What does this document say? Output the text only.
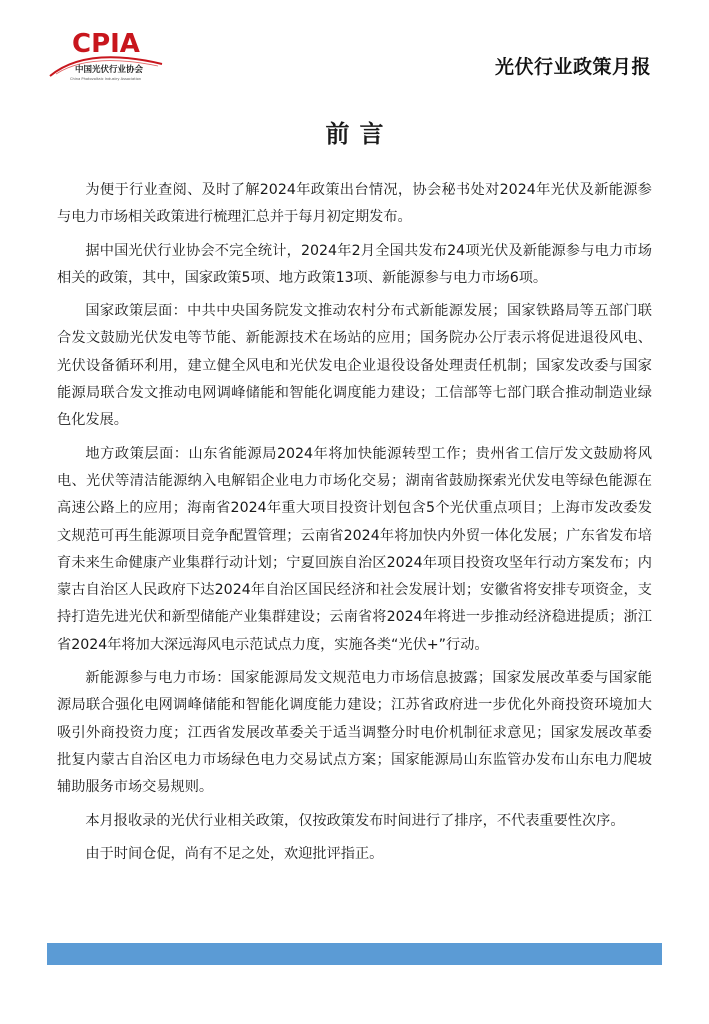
CPIA
中国光伏行业协会
China Photovoltaic Industry Association
光伏行业政策月报
前言

为便于行业查阅、及时了解2024年政策出台情况，协会秘书处对2024年光伏及新能源参与电力市场相关政策进行梳理汇总并于每月初定期发布。

据中国光伏行业协会不完全统计，2024年2月全国共发布24项光伏及新能源参与电力市场相关的政策，其中，国家政策5项、地方政策13项、新能源参与电力市场6项。

国家政策层面：中共中央国务院发文推动农村分布式新能源发展；国家铁路局等五部门联合发文鼓励光伏发电等节能、新能源技术在场站的应用；国务院办公厅表示将促进退役风电、光伏设备循环利用，建立健全风电和光伏发电企业退役设备处理责任机制；国家发改委与国家能源局联合发文推动电网调峰储能和智能化调度能力建设；工信部等七部门联合推动制造业绿色化发展。

地方政策层面：山东省能源局2024年将加快能源转型工作；贵州省工信厅发文鼓励将风电、光伏等清洁能源纳入电解铝企业电力市场化交易；湖南省鼓励探索光伏发电等绿色能源在高速公路上的应用；海南省2024年重大项目投资计划包含5个光伏重点项目；上海市发改委发文规范可再生能源项目竞争配置管理；云南省2024年将加快内外贸一体化发展；广东省发布培育未来生命健康产业集群行动计划；宁夏回族自治区2024年项目投资攻坚年行动方案发布；内蒙古自治区人民政府下达2024年自治区国民经济和社会发展计划；安徽省将安排专项资金，支持打造先进光伏和新型储能产业集群建设；云南省将2024年将进一步推动经济稳进提质；浙江省2024年将加大深远海风电示范试点力度，实施各类“光伏+”行动。

新能源参与电力市场：国家能源局发文规范电力市场信息披露；国家发展改革委与国家能源局联合强化电网调峰储能和智能化调度能力建设；江苏省政府进一步优化外商投资环境加大吸引外商投资力度；江西省发展改革委关于适当调整分时电价机制征求意见；国家发展改革委批复内蒙古自治区电力市场绿色电力交易试点方案；国家能源局山东监管办发布山东电力爬坡辅助服务市场交易规则。

本月报收录的光伏行业相关政策，仅按政策发布时间进行了排序，不代表重要性次序。

由于时间仓促，尚有不足之处，欢迎批评指正。
